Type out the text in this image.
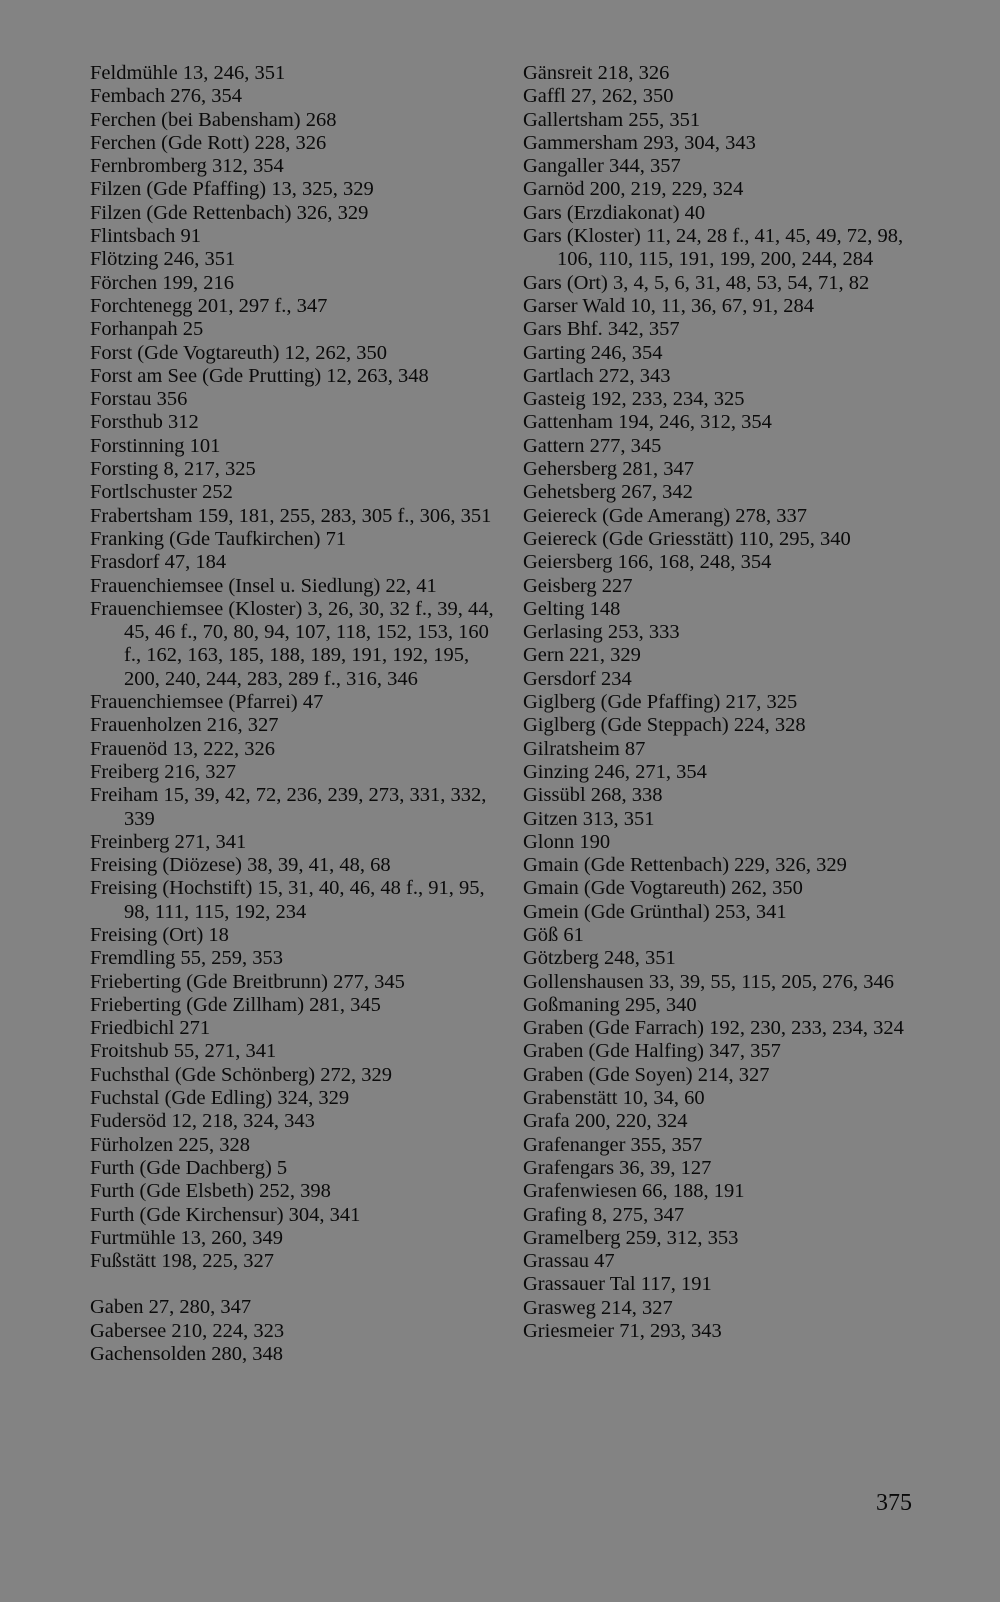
Feldmühle 13, 246, 351
Fembach 276, 354
Ferchen (bei Babensham) 268
Ferchen (Gde Rott) 228, 326
Fernbromberg 312, 354
Filzen (Gde Pfaffing) 13, 325, 329
Filzen (Gde Rettenbach) 326, 329
Flintsbach 91
Flötzing 246, 351
Förchen 199, 216
Forchtenegg 201, 297 f., 347
Forhanpah 25
Forst (Gde Vogtareuth) 12, 262, 350
Forst am See (Gde Prutting) 12, 263, 348
Forstau 356
Forsthub 312
Forstinning 101
Forsting 8, 217, 325
Fortlschuster 252
Frabertsham 159, 181, 255, 283, 305 f., 306, 351
Franking (Gde Taufkirchen) 71
Frasdorf 47, 184
Frauenchiemsee (Insel u. Siedlung) 22, 41
Frauenchiemsee (Kloster) 3, 26, 30, 32 f., 39, 44, 45, 46 f., 70, 80, 94, 107, 118, 152, 153, 160 f., 162, 163, 185, 188, 189, 191, 192, 195, 200, 240, 244, 283, 289 f., 316, 346
Frauenchiemsee (Pfarrei) 47
Frauenholzen 216, 327
Frauenöd 13, 222, 326
Freiberg 216, 327
Freiham 15, 39, 42, 72, 236, 239, 273, 331, 332, 339
Freinberg 271, 341
Freising (Diözese) 38, 39, 41, 48, 68
Freising (Hochstift) 15, 31, 40, 46, 48 f., 91, 95, 98, 111, 115, 192, 234
Freising (Ort) 18
Fremdling 55, 259, 353
Frieberting (Gde Breitbrunn) 277, 345
Frieberting (Gde Zillham) 281, 345
Friedbichl 271
Froitshub 55, 271, 341
Fuchsthal (Gde Schönberg) 272, 329
Fuchstal (Gde Edling) 324, 329
Fudersöd 12, 218, 324, 343
Fürholzen 225, 328
Furth (Gde Dachberg) 5
Furth (Gde Elsbeth) 252, 398
Furth (Gde Kirchensur) 304, 341
Furtmühle 13, 260, 349
Fußstätt 198, 225, 327
Gaben 27, 280, 347
Gabersee 210, 224, 323
Gachensolden 280, 348
Gänsreit 218, 326
Gaffl 27, 262, 350
Gallertsham 255, 351
Gammersham 293, 304, 343
Gangaller 344, 357
Garnöd 200, 219, 229, 324
Gars (Erzdiakonat) 40
Gars (Kloster) 11, 24, 28 f., 41, 45, 49, 72, 98, 106, 110, 115, 191, 199, 200, 244, 284
Gars (Ort) 3, 4, 5, 6, 31, 48, 53, 54, 71, 82
Garser Wald 10, 11, 36, 67, 91, 284
Gars Bhf. 342, 357
Garting 246, 354
Gartlach 272, 343
Gasteig 192, 233, 234, 325
Gattenham 194, 246, 312, 354
Gattern 277, 345
Gehersberg 281, 347
Gehetsberg 267, 342
Geiereck (Gde Amerang) 278, 337
Geiereck (Gde Griesstätt) 110, 295, 340
Geiersberg 166, 168, 248, 354
Geisberg 227
Gelting 148
Gerlasing 253, 333
Gern 221, 329
Gersdorf 234
Giglberg (Gde Pfaffing) 217, 325
Giglberg (Gde Steppach) 224, 328
Gilratsheim 87
Ginzing 246, 271, 354
Gissübl 268, 338
Gitzen 313, 351
Glonn 190
Gmain (Gde Rettenbach) 229, 326, 329
Gmain (Gde Vogtareuth) 262, 350
Gmein (Gde Grünthal) 253, 341
Göß 61
Götzberg 248, 351
Gollenshausen 33, 39, 55, 115, 205, 276, 346
Goßmaning 295, 340
Graben (Gde Farrach) 192, 230, 233, 234, 324
Graben (Gde Halfing) 347, 357
Graben (Gde Soyen) 214, 327
Grabenstätt 10, 34, 60
Grafa 200, 220, 324
Grafenanger 355, 357
Grafengars 36, 39, 127
Grafenwiesen 66, 188, 191
Grafing 8, 275, 347
Gramelberg 259, 312, 353
Grassau 47
Grassauer Tal 117, 191
Grasweg 214, 327
Griesmeier 71, 293, 343
375
